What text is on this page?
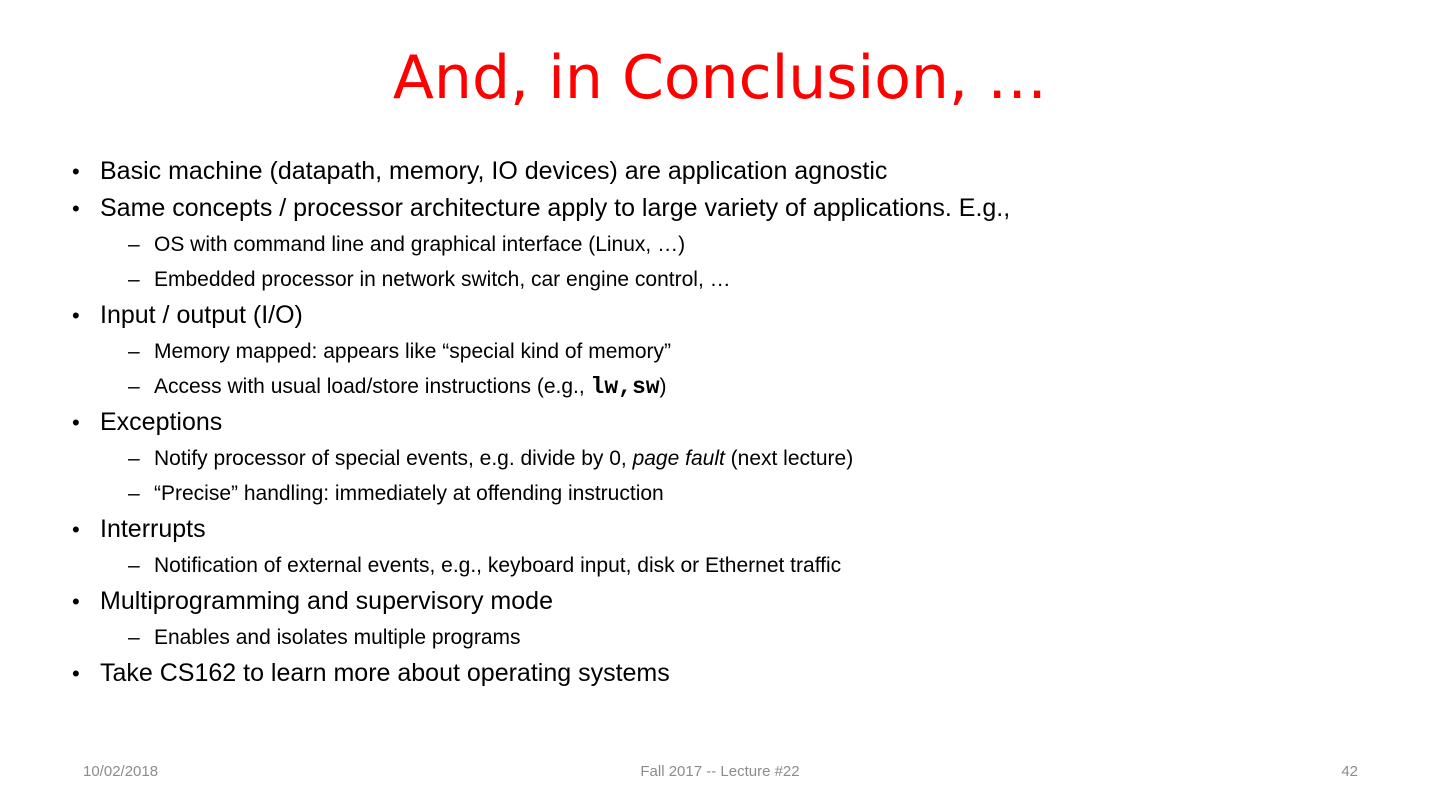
And, in Conclusion, …
• Basic machine (datapath, memory, IO devices) are application agnostic
• Same concepts / processor architecture apply to large variety of applications. E.g.,
– OS with command line and graphical interface (Linux, …)
– Embedded processor in network switch, car engine control, …
• Input / output (I/O)
– Memory mapped: appears like “special kind of memory”
– Access with usual load/store instructions (e.g., lw,sw)
• Exceptions
– Notify processor of special events, e.g. divide by 0, page fault (next lecture)
– “Precise” handling: immediately at offending instruction
• Interrupts
– Notification of external events, e.g., keyboard input, disk or Ethernet traffic
• Multiprogramming and supervisory mode
– Enables and isolates multiple programs
• Take CS162 to learn more about operating systems
10/02/2018	Fall 2017 -- Lecture #22	42
